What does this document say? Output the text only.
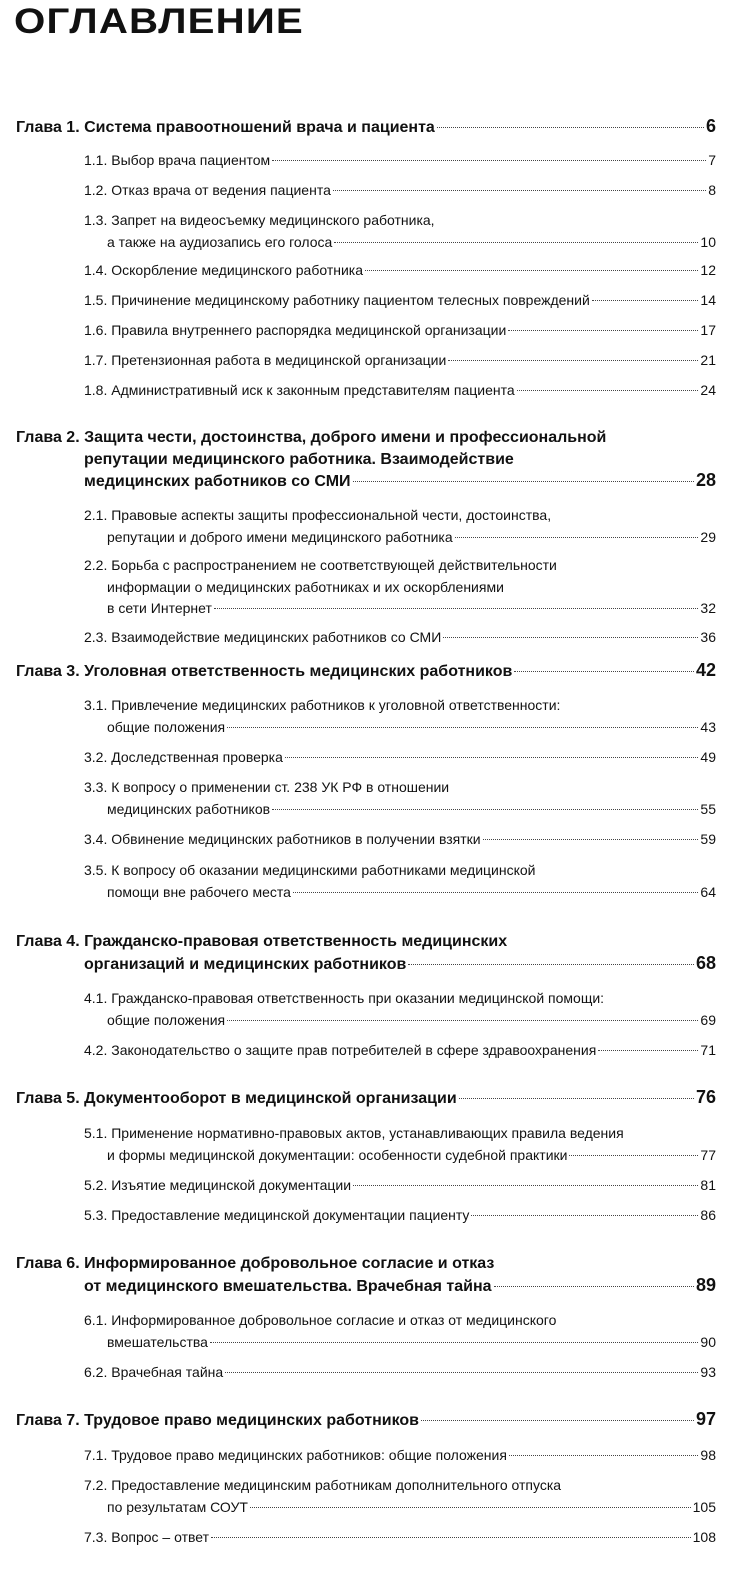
ОГЛАВЛЕНИЕ
Глава 1. Система правоотношений врача и пациента	6
1.1. Выбор врача пациентом	7
1.2. Отказ врача от ведения пациента	8
1.3. Запрет на видеосъемку медицинского работника,
а также на аудиозапись его голоса	10
1.4. Оскорбление медицинского работника	12
1.5. Причинение медицинскому работнику пациентом телесных повреждений	14
1.6. Правила внутреннего распорядка медицинской организации	17
1.7. Претензионная работа в медицинской организации	21
1.8. Административный иск к законным представителям пациента	24
Глава 2. Защита чести, достоинства, доброго имени и профессиональной
репутации медицинского работника. Взаимодействие
медицинских работников со СМИ	28
2.1. Правовые аспекты защиты профессиональной чести, достоинства,
репутации и доброго имени медицинского работника	29
2.2. Борьба с распространением не соответствующей действительности
информации о медицинских работниках и их оскорблениями
в сети Интернет	32
2.3. Взаимодействие медицинских работников со СМИ	36
Глава 3. Уголовная ответственность медицинских работников	42
3.1. Привлечение медицинских работников к уголовной ответственности:
общие положения	43
3.2. Доследственная проверка	49
3.3. К вопросу о применении ст. 238 УК РФ в отношении
медицинских работников	55
3.4. Обвинение медицинских работников в получении взятки	59
3.5. К вопросу об оказании медицинскими работниками медицинской
помощи вне рабочего места	64
Глава 4. Гражданско-правовая ответственность медицинских
организаций и медицинских работников	68
4.1. Гражданско-правовая ответственность при оказании медицинской помощи:
общие положения	69
4.2. Законодательство о защите прав потребителей в сфере здравоохранения	71
Глава 5. Документооборот в медицинской организации	76
5.1. Применение нормативно-правовых актов, устанавливающих правила ведения
и формы медицинской документации: особенности судебной практики	77
5.2. Изъятие медицинской документации	81
5.3. Предоставление медицинской документации пациенту	86
Глава 6. Информированное добровольное согласие и отказ
от медицинского вмешательства. Врачебная тайна	89
6.1. Информированное добровольное согласие и отказ от медицинского
вмешательства	90
6.2. Врачебная тайна	93
Глава 7. Трудовое право медицинских работников	97
7.1. Трудовое право медицинских работников: общие положения	98
7.2. Предоставление медицинским работникам дополнительного отпуска
по результатам СОУТ	105
7.3. Вопрос – ответ	108
